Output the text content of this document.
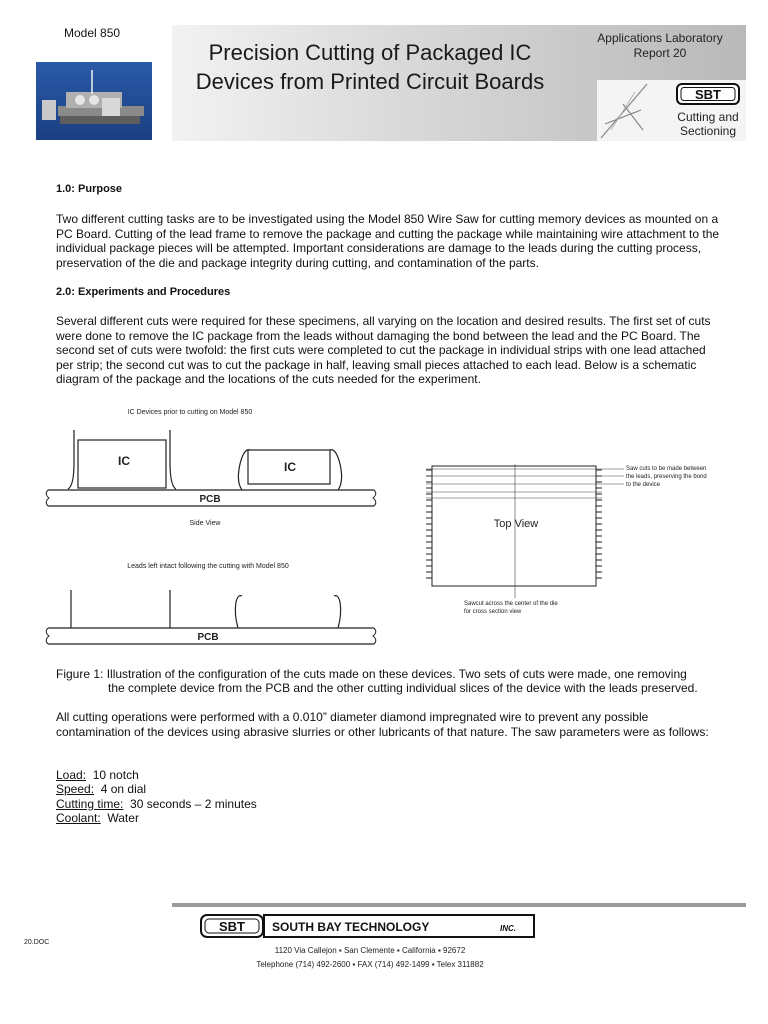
Model 850
Precision Cutting of Packaged IC
Devices from Printed Circuit Boards
Applications Laboratory
Report 20
SBT
Cutting and
Sectioning
1.0: Purpose
Two different cutting tasks are to be investigated using the Model 850 Wire Saw for cutting memory devices as mounted on a PC Board. Cutting of the lead frame to remove the package and cutting the package while maintaining wire attachment to the individual package pieces will be attempted. Important considerations are damage to the leads during the cutting process, preservation of the die and package integrity during cutting, and contamination of the parts.
2.0: Experiments and Procedures
Several different cuts were required for these specimens, all varying on the location and desired results. The first set of cuts were done to remove the IC package from the leads without damaging the bond between the lead and the PC Board. The second set of cuts were twofold: the first cuts were completed to cut the package in individual strips with one lead attached per strip; the second cut was to cut the package in half, leaving small pieces attached to each lead. Below is a schematic diagram of the package and the locations of the cuts needed for the experiment.
IC Devices prior to cutting on Model 850
IC	IC
PCB
Side View
Leads left intact following the cutting with Model 850
PCB
Top View
Saw cuts to be made between
the leads, preserving the bond
to the device
Sawcut across the center of the die
for cross section view
Figure 1: Illustration of the configuration of the cuts made on these devices. Two sets of cuts were made, one removing
the complete device from the PCB and the other cutting individual slices of the device with the leads preserved.
All cutting operations were performed with a 0.010” diameter diamond impregnated wire to prevent any possible contamination of the devices using abrasive slurries or other lubricants of that nature. The saw parameters were as follows:
Load: 10 notch
Speed: 4 on dial
Cutting time: 30 seconds – 2 minutes
Coolant: Water
SBT SOUTH BAY TECHNOLOGY	INC.
1120 Via Callejon ▪ San Clemente ▪ California ▪ 92672
Telephone (714) 492-2600 ▪ FAX (714) 492-1499 ▪ Telex 311882
20.DOC
